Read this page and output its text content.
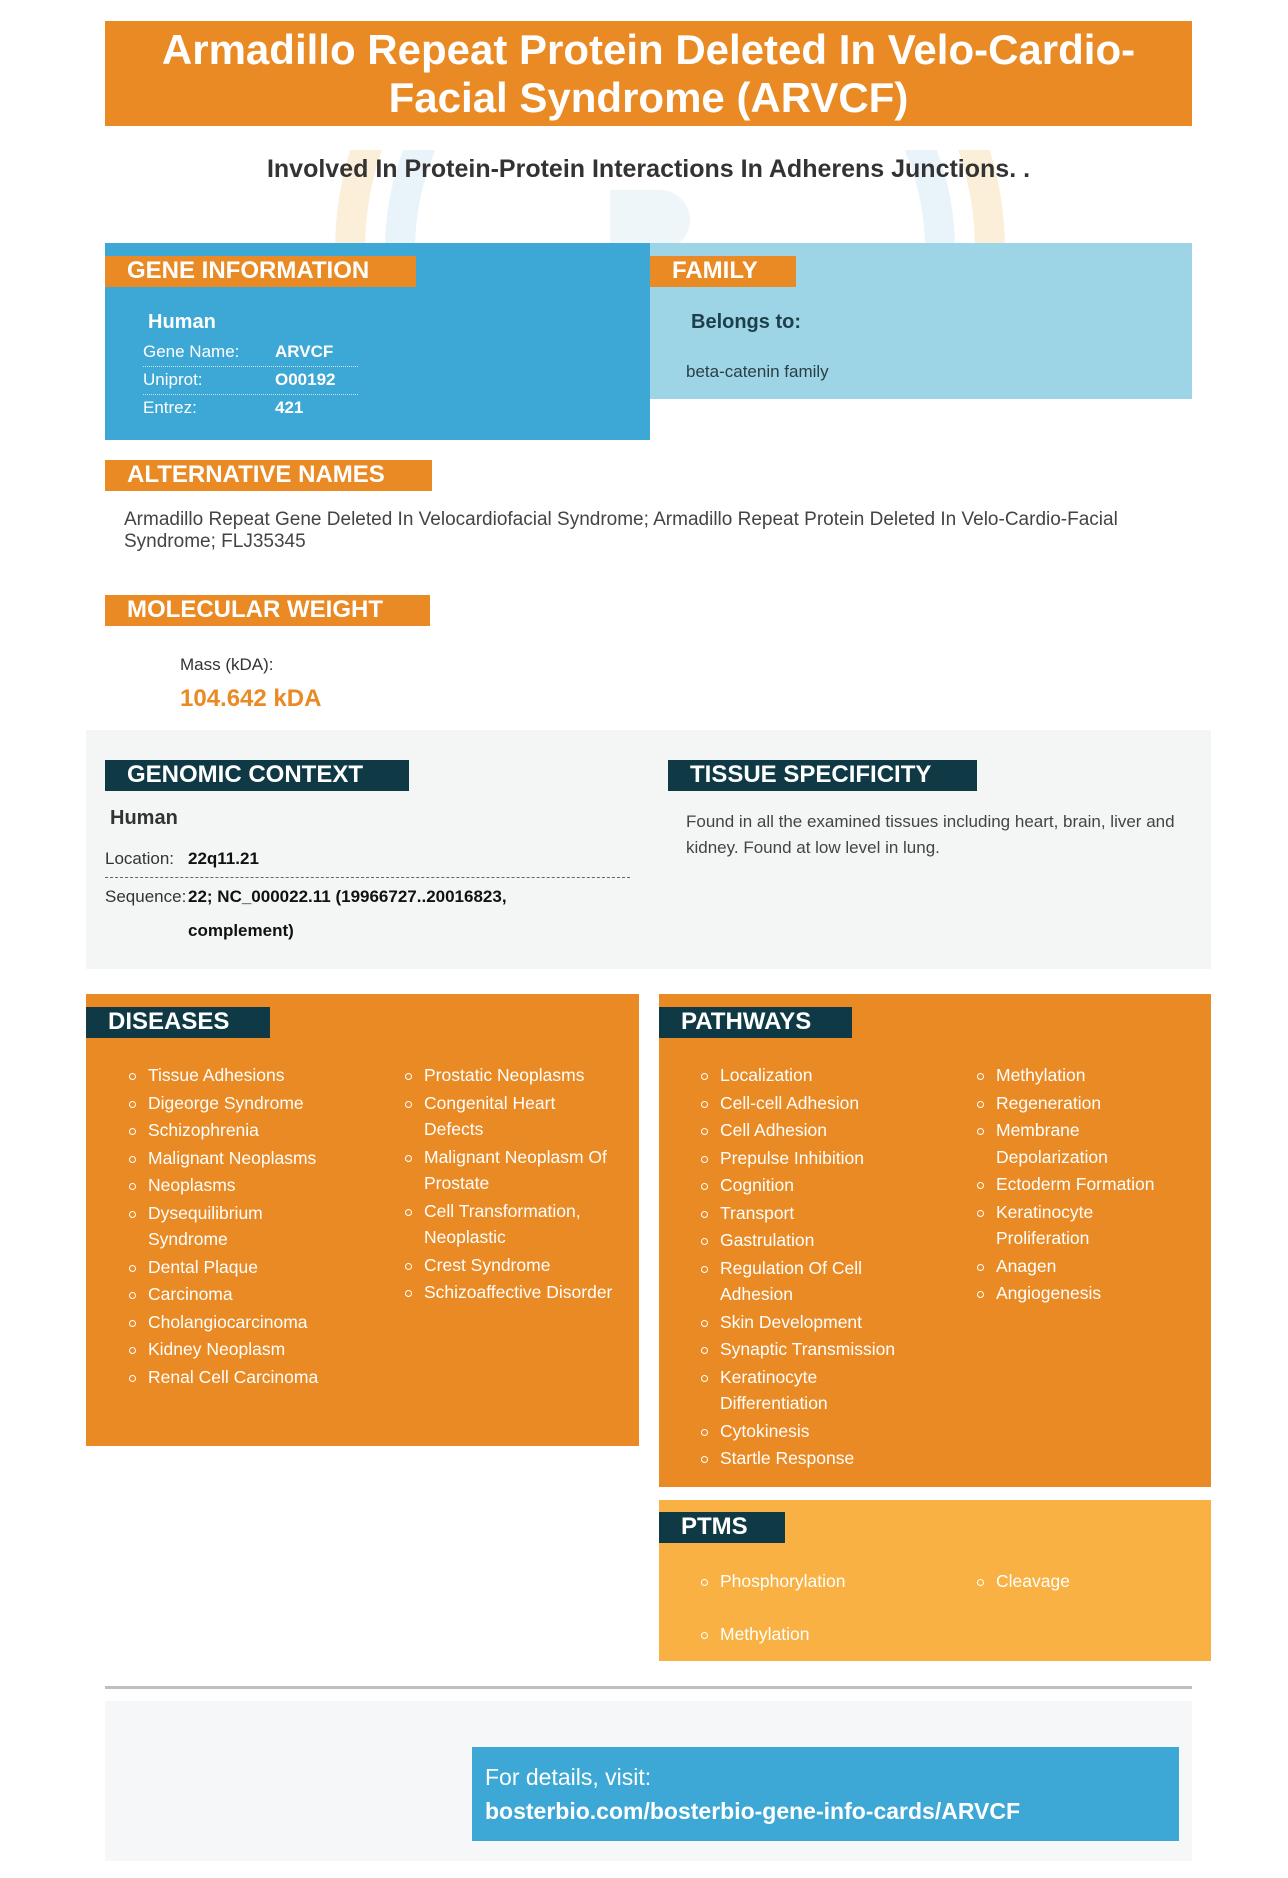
Armadillo Repeat Protein Deleted In Velo-Cardio-Facial Syndrome (ARVCF)
Involved In Protein-Protein Interactions In Adherens Junctions. .
GENE INFORMATION
Human
Gene Name: ARVCF
Uniprot:	O00192
Entrez:	421
FAMILY
Belongs to:
beta-catenin family
ALTERNATIVE NAMES
Armadillo Repeat Gene Deleted In Velocardiofacial Syndrome; Armadillo Repeat Protein Deleted In Velo-Cardio-Facial Syndrome; FLJ35345
MOLECULAR WEIGHT
Mass (kDA):
104.642 kDA
GENOMIC CONTEXT
Human
Location: 22q11.21
Sequence: 22; NC_000022.11 (19966727..20016823,
complement)
TISSUE SPECIFICITY
Found in all the examined tissues including heart, brain, liver and kidney. Found at low level in lung.
DISEASES
Tissue Adhesions
Digeorge Syndrome
Schizophrenia
Malignant Neoplasms
Neoplasms
Dysequilibrium Syndrome
Dental Plaque
Carcinoma
Cholangiocarcinoma
Kidney Neoplasm
Renal Cell Carcinoma
Prostatic Neoplasms
Congenital Heart Defects
Malignant Neoplasm Of Prostate
Cell Transformation, Neoplastic
Crest Syndrome
Schizoaffective Disorder
PATHWAYS
Localization
Cell-cell Adhesion
Cell Adhesion
Prepulse Inhibition
Cognition
Transport
Gastrulation
Regulation Of Cell Adhesion
Skin Development
Synaptic Transmission
Keratinocyte Differentiation
Cytokinesis
Startle Response
Methylation
Regeneration
Membrane Depolarization
Ectoderm Formation
Keratinocyte Proliferation
Anagen
Angiogenesis
PTMS
Phosphorylation
Methylation
Cleavage
For details, visit:
bosterbio.com/bosterbio-gene-info-cards/ARVCF
